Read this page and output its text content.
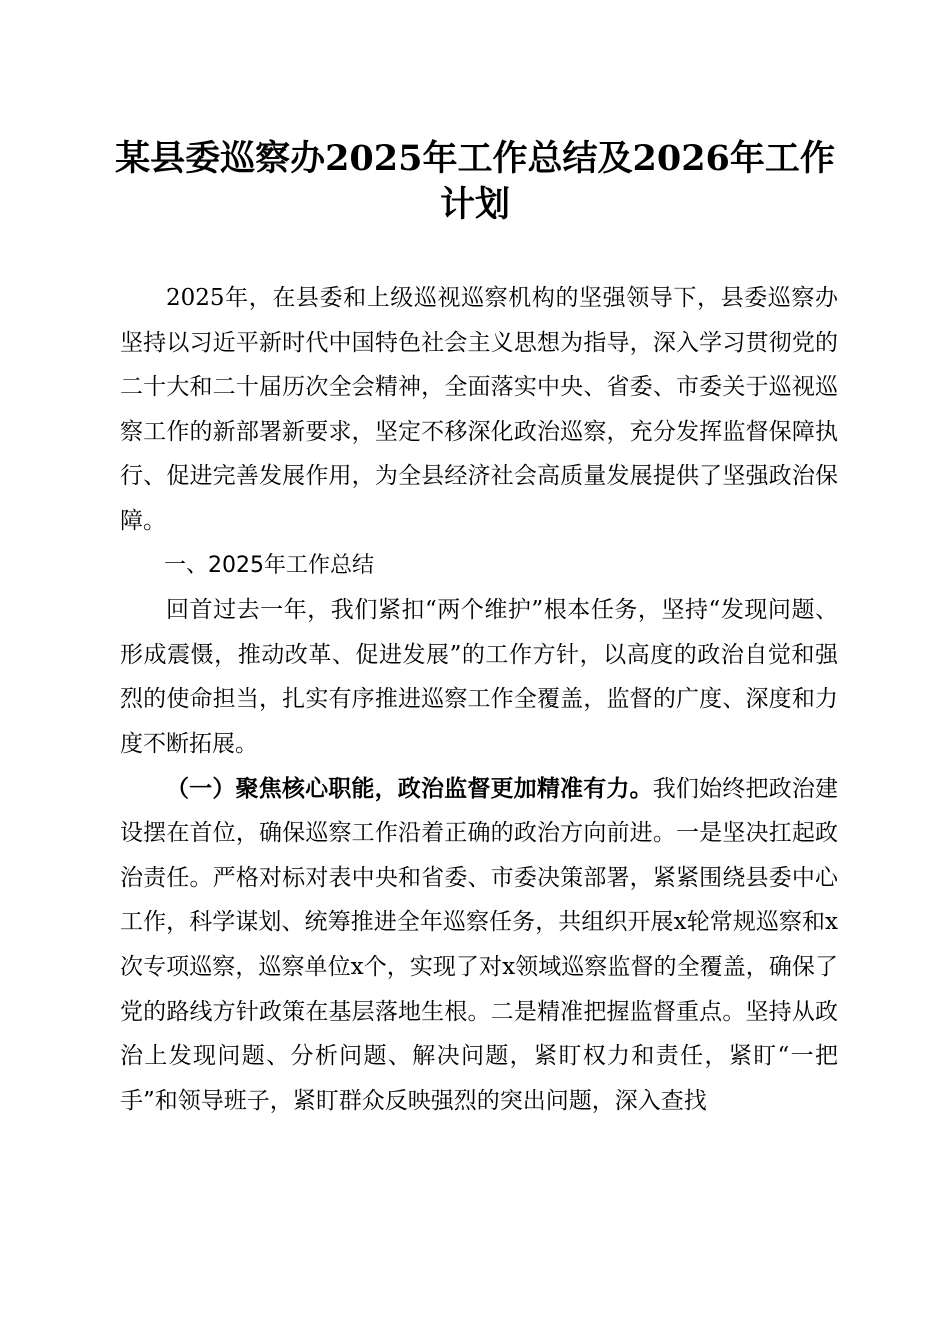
某县委巡察办2025年工作总结及2026年工作计划

2025年，在县委和上级巡视巡察机构的坚强领导下，县委巡察办坚持以习近平新时代中国特色社会主义思想为指导，深入学习贯彻党的二十大和二十届历次全会精神，全面落实中央、省委、市委关于巡视巡察工作的新部署新要求，坚定不移深化政治巡察，充分发挥监督保障执行、促进完善发展作用，为全县经济社会高质量发展提供了坚强政治保障。

一、2025年工作总结

回首过去一年，我们紧扣“两个维护”根本任务，坚持“发现问题、形成震慑，推动改革、促进发展”的工作方针，以高度的政治自觉和强烈的使命担当，扎实有序推进巡察工作全覆盖，监督的广度、深度和力度不断拓展。

（一）聚焦核心职能，政治监督更加精准有力。我们始终把政治建设摆在首位，确保巡察工作沿着正确的政治方向前进。一是坚决扛起政治责任。严格对标对表中央和省委、市委决策部署，紧紧围绕县委中心工作，科学谋划、统筹推进全年巡察任务，共组织开展x轮常规巡察和x次专项巡察，巡察单位x个，实现了对x领域巡察监督的全覆盖，确保了党的路线方针政策在基层落地生根。二是精准把握监督重点。坚持从政治上发现问题、分析问题、解决问题，紧盯权力和责任，紧盯“一把手”和领导班子，紧盯群众反映强烈的突出问题，深入查找
